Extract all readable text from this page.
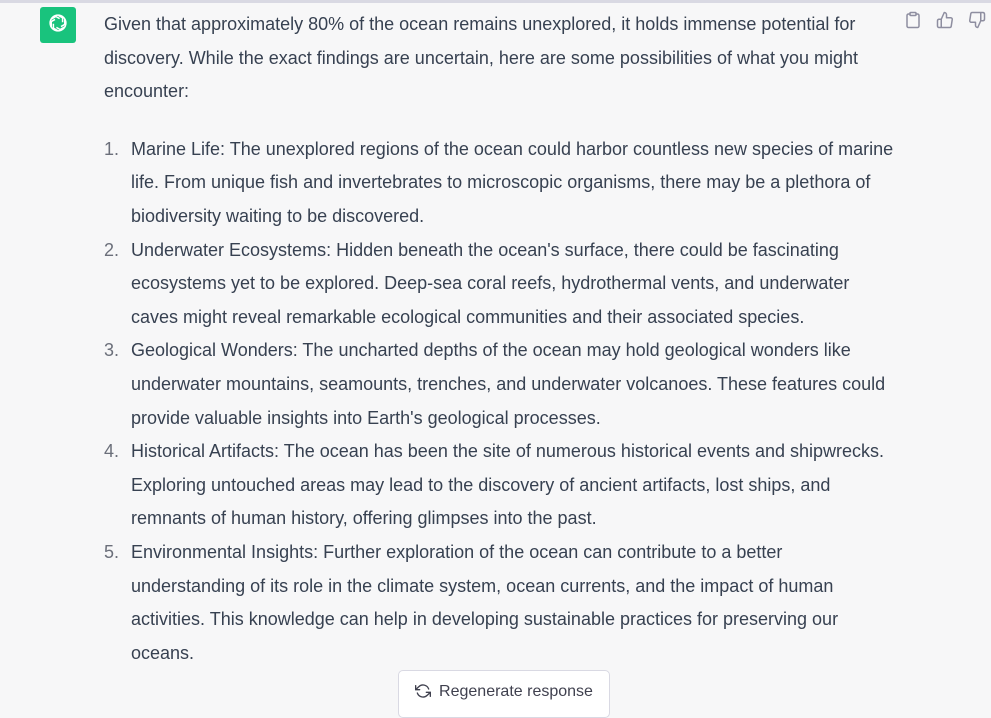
Given that approximately 80% of the ocean remains unexplored, it holds immense potential for discovery. While the exact findings are uncertain, here are some possibilities of what you might encounter:

1. Marine Life: The unexplored regions of the ocean could harbor countless new species of marine life. From unique fish and invertebrates to microscopic organisms, there may be a plethora of biodiversity waiting to be discovered.
2. Underwater Ecosystems: Hidden beneath the ocean's surface, there could be fascinating ecosystems yet to be explored. Deep-sea coral reefs, hydrothermal vents, and underwater caves might reveal remarkable ecological communities and their associated species.
3. Geological Wonders: The uncharted depths of the ocean may hold geological wonders like underwater mountains, seamounts, trenches, and underwater volcanoes. These features could provide valuable insights into Earth's geological processes.
4. Historical Artifacts: The ocean has been the site of numerous historical events and shipwrecks. Exploring untouched areas may lead to the discovery of ancient artifacts, lost ships, and remnants of human history, offering glimpses into the past.
5. Environmental Insights: Further exploration of the ocean can contribute to a better understanding of its role in the climate system, ocean currents, and the impact of human activities. This knowledge can help in developing sustainable practices for preserving our oceans.
Regenerate response
